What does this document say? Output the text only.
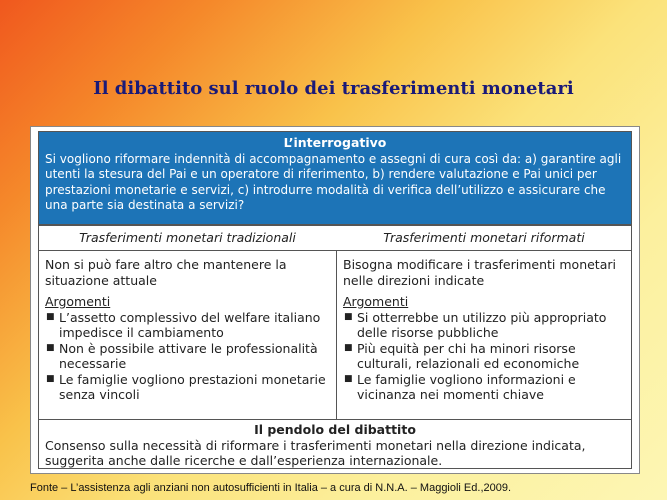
Il dibattito sul ruolo dei trasferimenti monetari
L’interrogativo
Si vogliono riformare indennità di accompagnamento e assegni di cura così da: a) garantire agli utenti la stesura del Pai e un operatore di riferimento, b) rendere valutazione e Pai unici per prestazioni monetarie e servizi, c) introdurre modalità di verifica dell’utilizzo e assicurare che una parte sia destinata a servizi?
Trasferimenti monetari tradizionali	Trasferimenti monetari riformati
Non si può fare altro che mantenere la situazione attuale
Argomenti
■ L’assetto complessivo del welfare italiano impedisce il cambiamento
■ Non è possibile attivare le professionalità necessarie
■ Le famiglie vogliono prestazioni monetarie senza vincoli
Bisogna modificare i trasferimenti monetari nelle direzioni indicate
Argomenti
■ Si otterrebbe un utilizzo più appropriato delle risorse pubbliche
■ Più equità per chi ha minori risorse culturali, relazionali ed economiche
■ Le famiglie vogliono informazioni e vicinanza nei momenti chiave
Il pendolo del dibattito
Consenso sulla necessità di riformare i trasferimenti monetari nella direzione indicata, suggerita anche dalle ricerche e dall’esperienza internazionale.
Fonte – L’assistenza agli anziani non autosufficienti in Italia – a cura di N.N.A. – Maggioli Ed.,2009.
